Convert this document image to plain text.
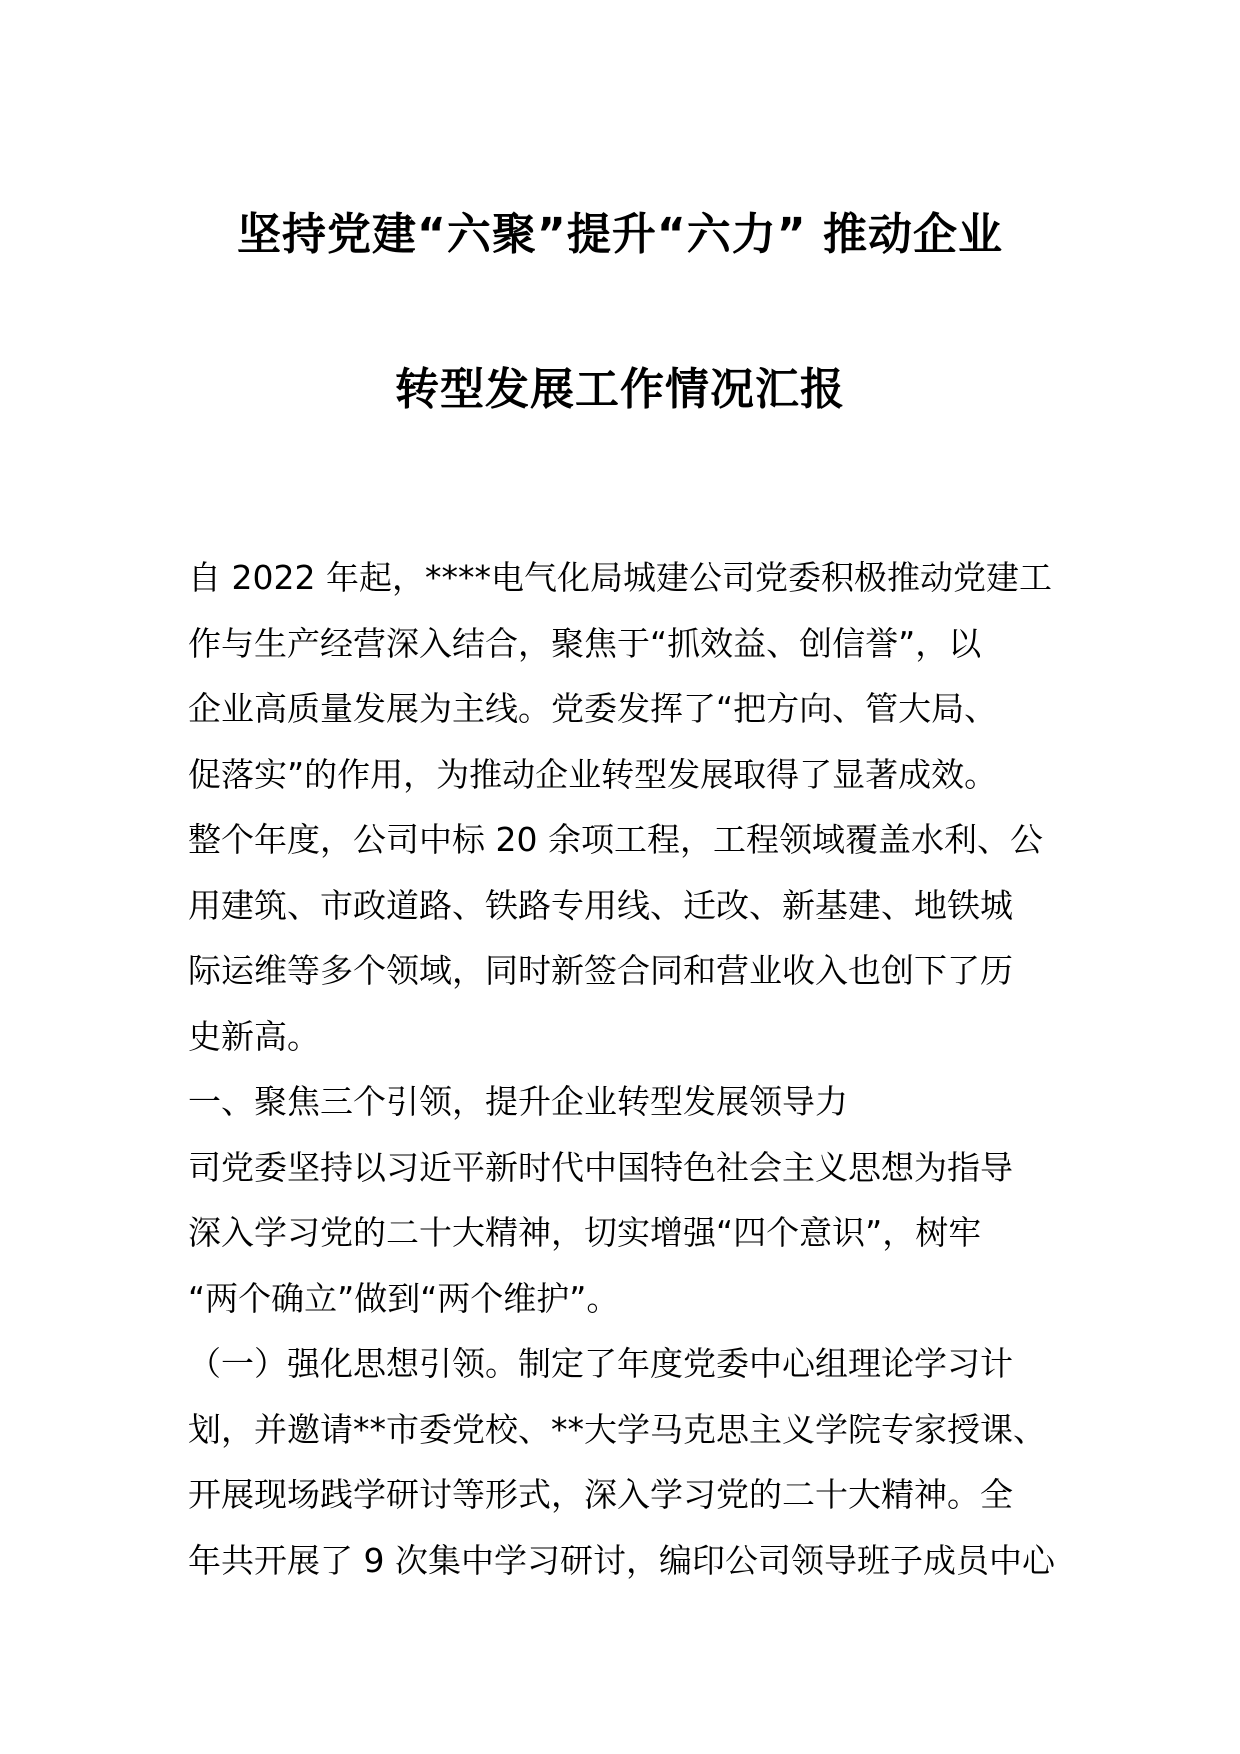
坚持党建“六聚”提升“六力” 推动企业
转型发展工作情况汇报
自 2022 年起，****电气化局城建公司党委积极推动党建工
作与生产经营深入结合，聚焦于“抓效益、创信誉”，以
企业高质量发展为主线。党委发挥了“把方向、管大局、
促落实”的作用，为推动企业转型发展取得了显著成效。
整个年度，公司中标 20 余项工程，工程领域覆盖水利、公
用建筑、市政道路、铁路专用线、迁改、新基建、地铁城
际运维等多个领域，同时新签合同和营业收入也创下了历
史新高。
一、聚焦三个引领，提升企业转型发展领导力
司党委坚持以习近平新时代中国特色社会主义思想为指导
深入学习党的二十大精神，切实增强“四个意识”，树牢
“两个确立”做到“两个维护”。
（一）强化思想引领。制定了年度党委中心组理论学习计
划，并邀请**市委党校、**大学马克思主义学院专家授课、
开展现场践学研讨等形式，深入学习党的二十大精神。全
年共开展了 9 次集中学习研讨，编印公司领导班子成员中心
